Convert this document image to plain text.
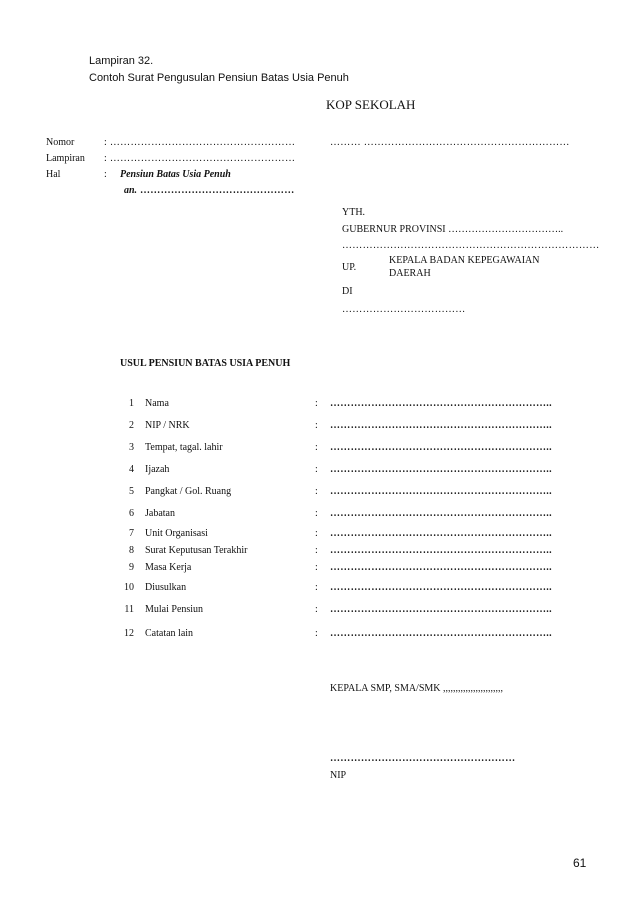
Lampiran 32.
Contoh Surat Pengusulan Pensiun Batas Usia Penuh
KOP SEKOLAH
Nomor	: ………………………………………………	……… ……………………………………………………
Lampiran : ………………………………………………
Hal	: Pensiun Batas Usia Penuh
an. ………………………………………
YTH.
GUBERNUR PROVINSI ……………………………..
…………………………………………………………………
UP.
KEPALA BADAN KEPEGAWAIAN
DAERAH
DI
………………………………
USUL PENSIUN BATAS USIA PENUH
1 Nama	: ………………………………………………………..
2 NIP / NRK	: ………………………………………………………..
3 Tempat, tagal. lahir	: ………………………………………………………..
4 Ijazah	: ………………………………………………………..
5 Pangkat / Gol. Ruang	: ………………………………………………………..
6 Jabatan	: ………………………………………………………..
7 Unit Organisasi	: ………………………………………………………..
8 Surat Keputusan Terakhir	: ………………………………………………………..
9 Masa Kerja	: ………………………………………………………..
10 Diusulkan	: ………………………………………………………..
11 Mulai Pensiun	: ………………………………………………………..
12 Catatan lain	: ………………………………………………………..
KEPALA SMP, SMA/SMK ,,,,,,,,,,,,,,,,,,,,,,,,
………………………………………………
NIP
61
